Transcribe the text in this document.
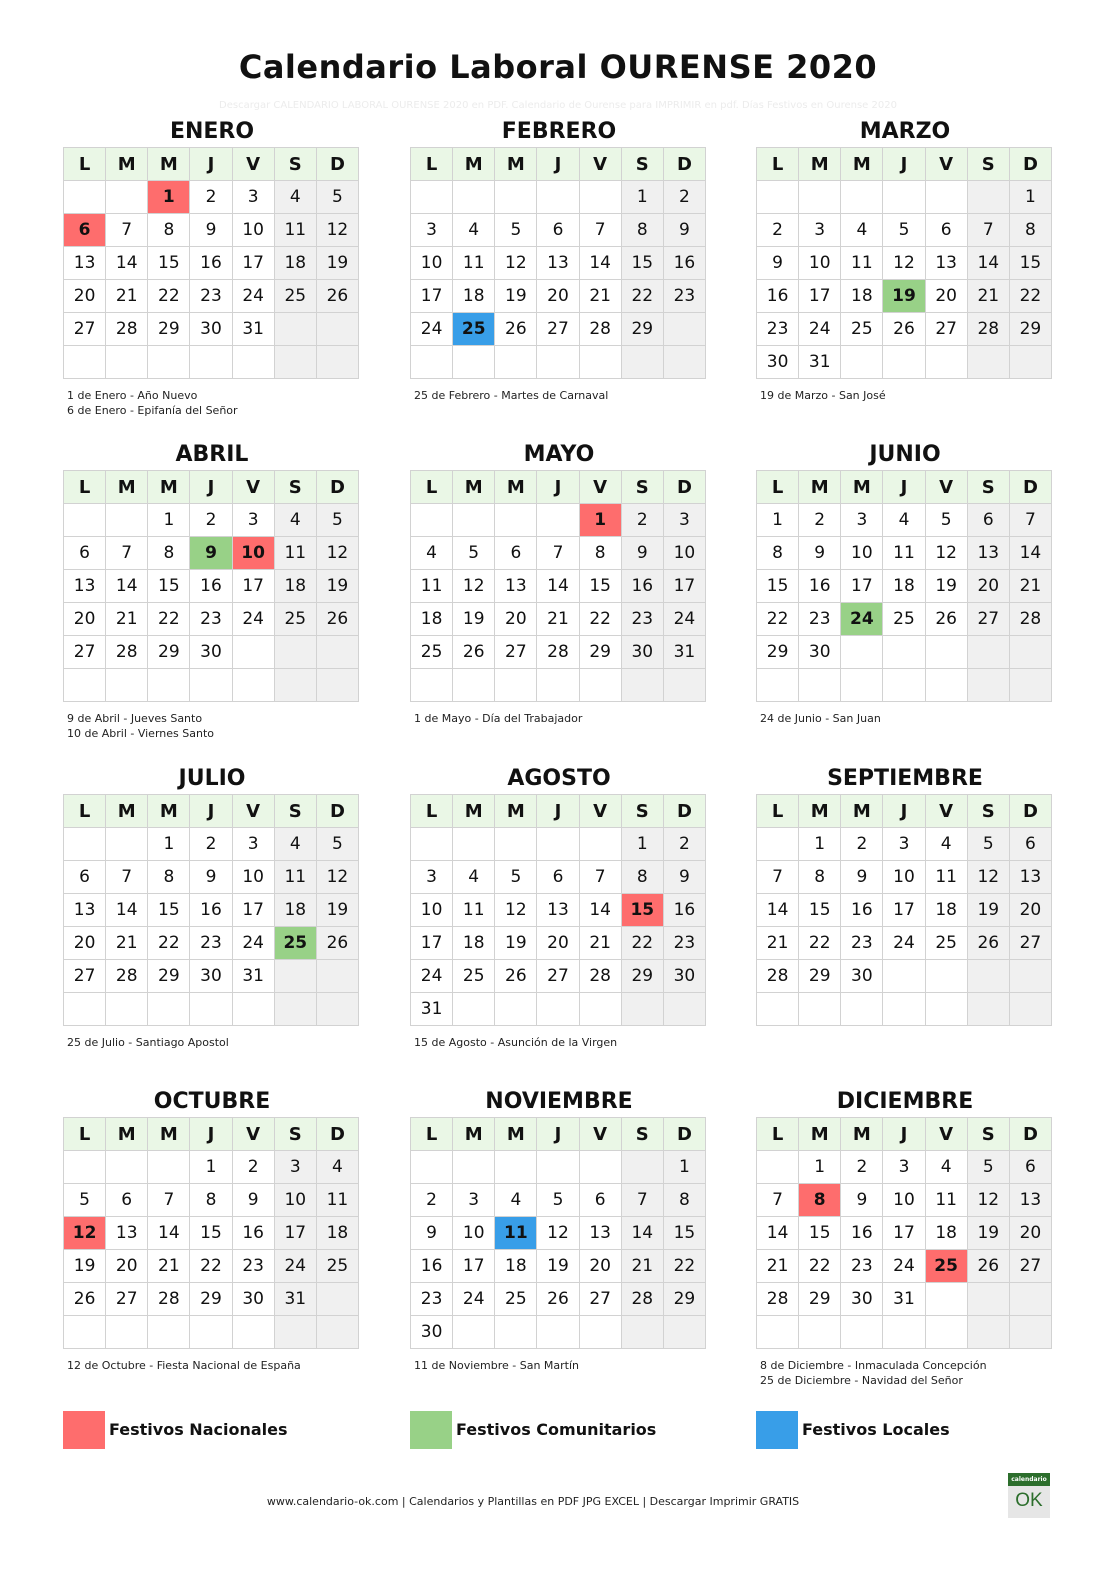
Calendario Laboral OURENSE 2020
Descargar CALENDARIO LABORAL OURENSE 2020 en PDF. Calendario de Ourense para IMPRIMIR en pdf. Días Festivos en Ourense 2020
ENERO
L	M	M	J	V	S	D
		1	2	3	4	5
6	7	8	9	10	11	12
13	14	15	16	17	18	19
20	21	22	23	24	25	26
27	28	29	30	31		

1 de Enero - Año Nuevo
6 de Enero - Epifanía del Señor
FEBRERO
L	M	M	J	V	S	D
					1	2
3	4	5	6	7	8	9
10	11	12	13	14	15	16
17	18	19	20	21	22	23
24	25	26	27	28	29	

25 de Febrero - Martes de Carnaval
MARZO
L	M	M	J	V	S	D
						1
2	3	4	5	6	7	8
9	10	11	12	13	14	15
16	17	18	19	20	21	22
23	24	25	26	27	28	29
30	31					
19 de Marzo - San José
ABRIL
L	M	M	J	V	S	D
		1	2	3	4	5
6	7	8	9	10	11	12
13	14	15	16	17	18	19
20	21	22	23	24	25	26
27	28	29	30			

9 de Abril - Jueves Santo
10 de Abril - Viernes Santo
MAYO
L	M	M	J	V	S	D
				1	2	3
4	5	6	7	8	9	10
11	12	13	14	15	16	17
18	19	20	21	22	23	24
25	26	27	28	29	30	31

1 de Mayo - Día del Trabajador
JUNIO
L	M	M	J	V	S	D
1	2	3	4	5	6	7
8	9	10	11	12	13	14
15	16	17	18	19	20	21
22	23	24	25	26	27	28
29	30					

24 de Junio - San Juan
JULIO
L	M	M	J	V	S	D
		1	2	3	4	5
6	7	8	9	10	11	12
13	14	15	16	17	18	19
20	21	22	23	24	25	26
27	28	29	30	31		

25 de Julio - Santiago Apostol
AGOSTO
L	M	M	J	V	S	D
					1	2
3	4	5	6	7	8	9
10	11	12	13	14	15	16
17	18	19	20	21	22	23
24	25	26	27	28	29	30
31						
15 de Agosto - Asunción de la Virgen
SEPTIEMBRE
L	M	M	J	V	S	D
	1	2	3	4	5	6
7	8	9	10	11	12	13
14	15	16	17	18	19	20
21	22	23	24	25	26	27
28	29	30				

OCTUBRE
L	M	M	J	V	S	D
			1	2	3	4
5	6	7	8	9	10	11
12	13	14	15	16	17	18
19	20	21	22	23	24	25
26	27	28	29	30	31	

12 de Octubre - Fiesta Nacional de España
NOVIEMBRE
L	M	M	J	V	S	D
						1
2	3	4	5	6	7	8
9	10	11	12	13	14	15
16	17	18	19	20	21	22
23	24	25	26	27	28	29
30						
11 de Noviembre - San Martín
DICIEMBRE
L	M	M	J	V	S	D
	1	2	3	4	5	6
7	8	9	10	11	12	13
14	15	16	17	18	19	20
21	22	23	24	25	26	27
28	29	30	31			

8 de Diciembre - Inmaculada Concepción
25 de Diciembre - Navidad del Señor
Festivos Nacionales	Festivos Comunitarios	Festivos Locales
www.calendario-ok.com | Calendarios y Plantillas en PDF JPG EXCEL | Descargar Imprimir GRATIS
calendario
OK
